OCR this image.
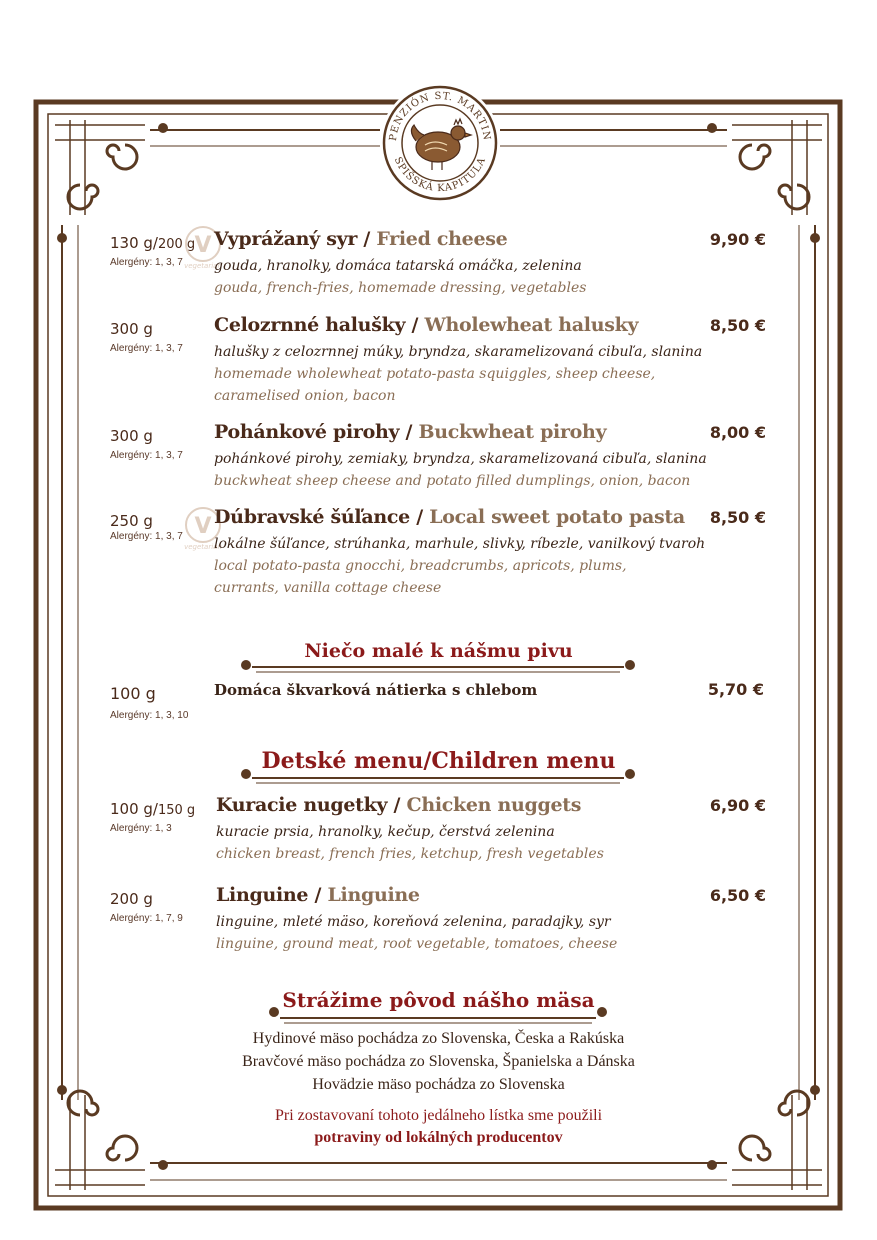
PENZIÓN ST. MARTIN
SPIŠSKÁ KAPITULA
V
vegetarian
V
vegetarian
130 g/200 g
Alergény: 1, 3, 7
Vyprážaný syr / Fried cheese	9,90 €
gouda, hranolky, domáca tatarská omáčka, zelenina
gouda, french-fries, homemade dressing, vegetables
300 g
Alergény: 1, 3, 7
Celozrnné halušky / Wholewheat halusky	8,50 €
halušky z celozrnnej múky, bryndza, skaramelizovaná cibuľa, slanina
homemade wholewheat potato-pasta squiggles, sheep cheese, caramelised onion, bacon
300 g
Alergény: 1, 3, 7
Pohánkové pirohy / Buckwheat pirohy	8,00 €
pohánkové pirohy, zemiaky, bryndza, skaramelizovaná cibuľa, slanina
buckwheat sheep cheese and potato filled dumplings, onion, bacon
250 g
Alergény: 1, 3, 7
Dúbravské šúľance / Local sweet potato pasta 8,50 €
lokálne šúľance, strúhanka, marhule, slivky, ríbezle, vanilkový tvaroh
local potato-pasta gnocchi, breadcrumbs, apricots, plums, currants, vanilla cottage cheese
Niečo malé k nášmu pivu
100 g
Alergény: 1, 3, 10
5,70 €
Domáca škvarková nátierka s chlebom
Detské menu/Children menu
100 g/150 g
Alergény: 1, 3
Kuracie nugetky / Chicken nuggets	6,90 €
kuracie prsia, hranolky, kečup, čerstvá zelenina
chicken breast, french fries, ketchup, fresh vegetables
200 g
Alergény: 1, 7, 9
Linguine / Linguine	6,50 €
linguine, mleté mäso, koreňová zelenina, paradajky, syr
linguine, ground meat, root vegetable, tomatoes, cheese
Strážime pôvod nášho mäsa
Hydinové mäso pochádza zo Slovenska, Česka a Rakúska
Bravčové mäso pochádza zo Slovenska, Španielska a Dánska
Hovädzie mäso pochádza zo Slovenska
Pri zostavovaní tohoto jedálneho lístka sme použili
potraviny od lokálných producentov
